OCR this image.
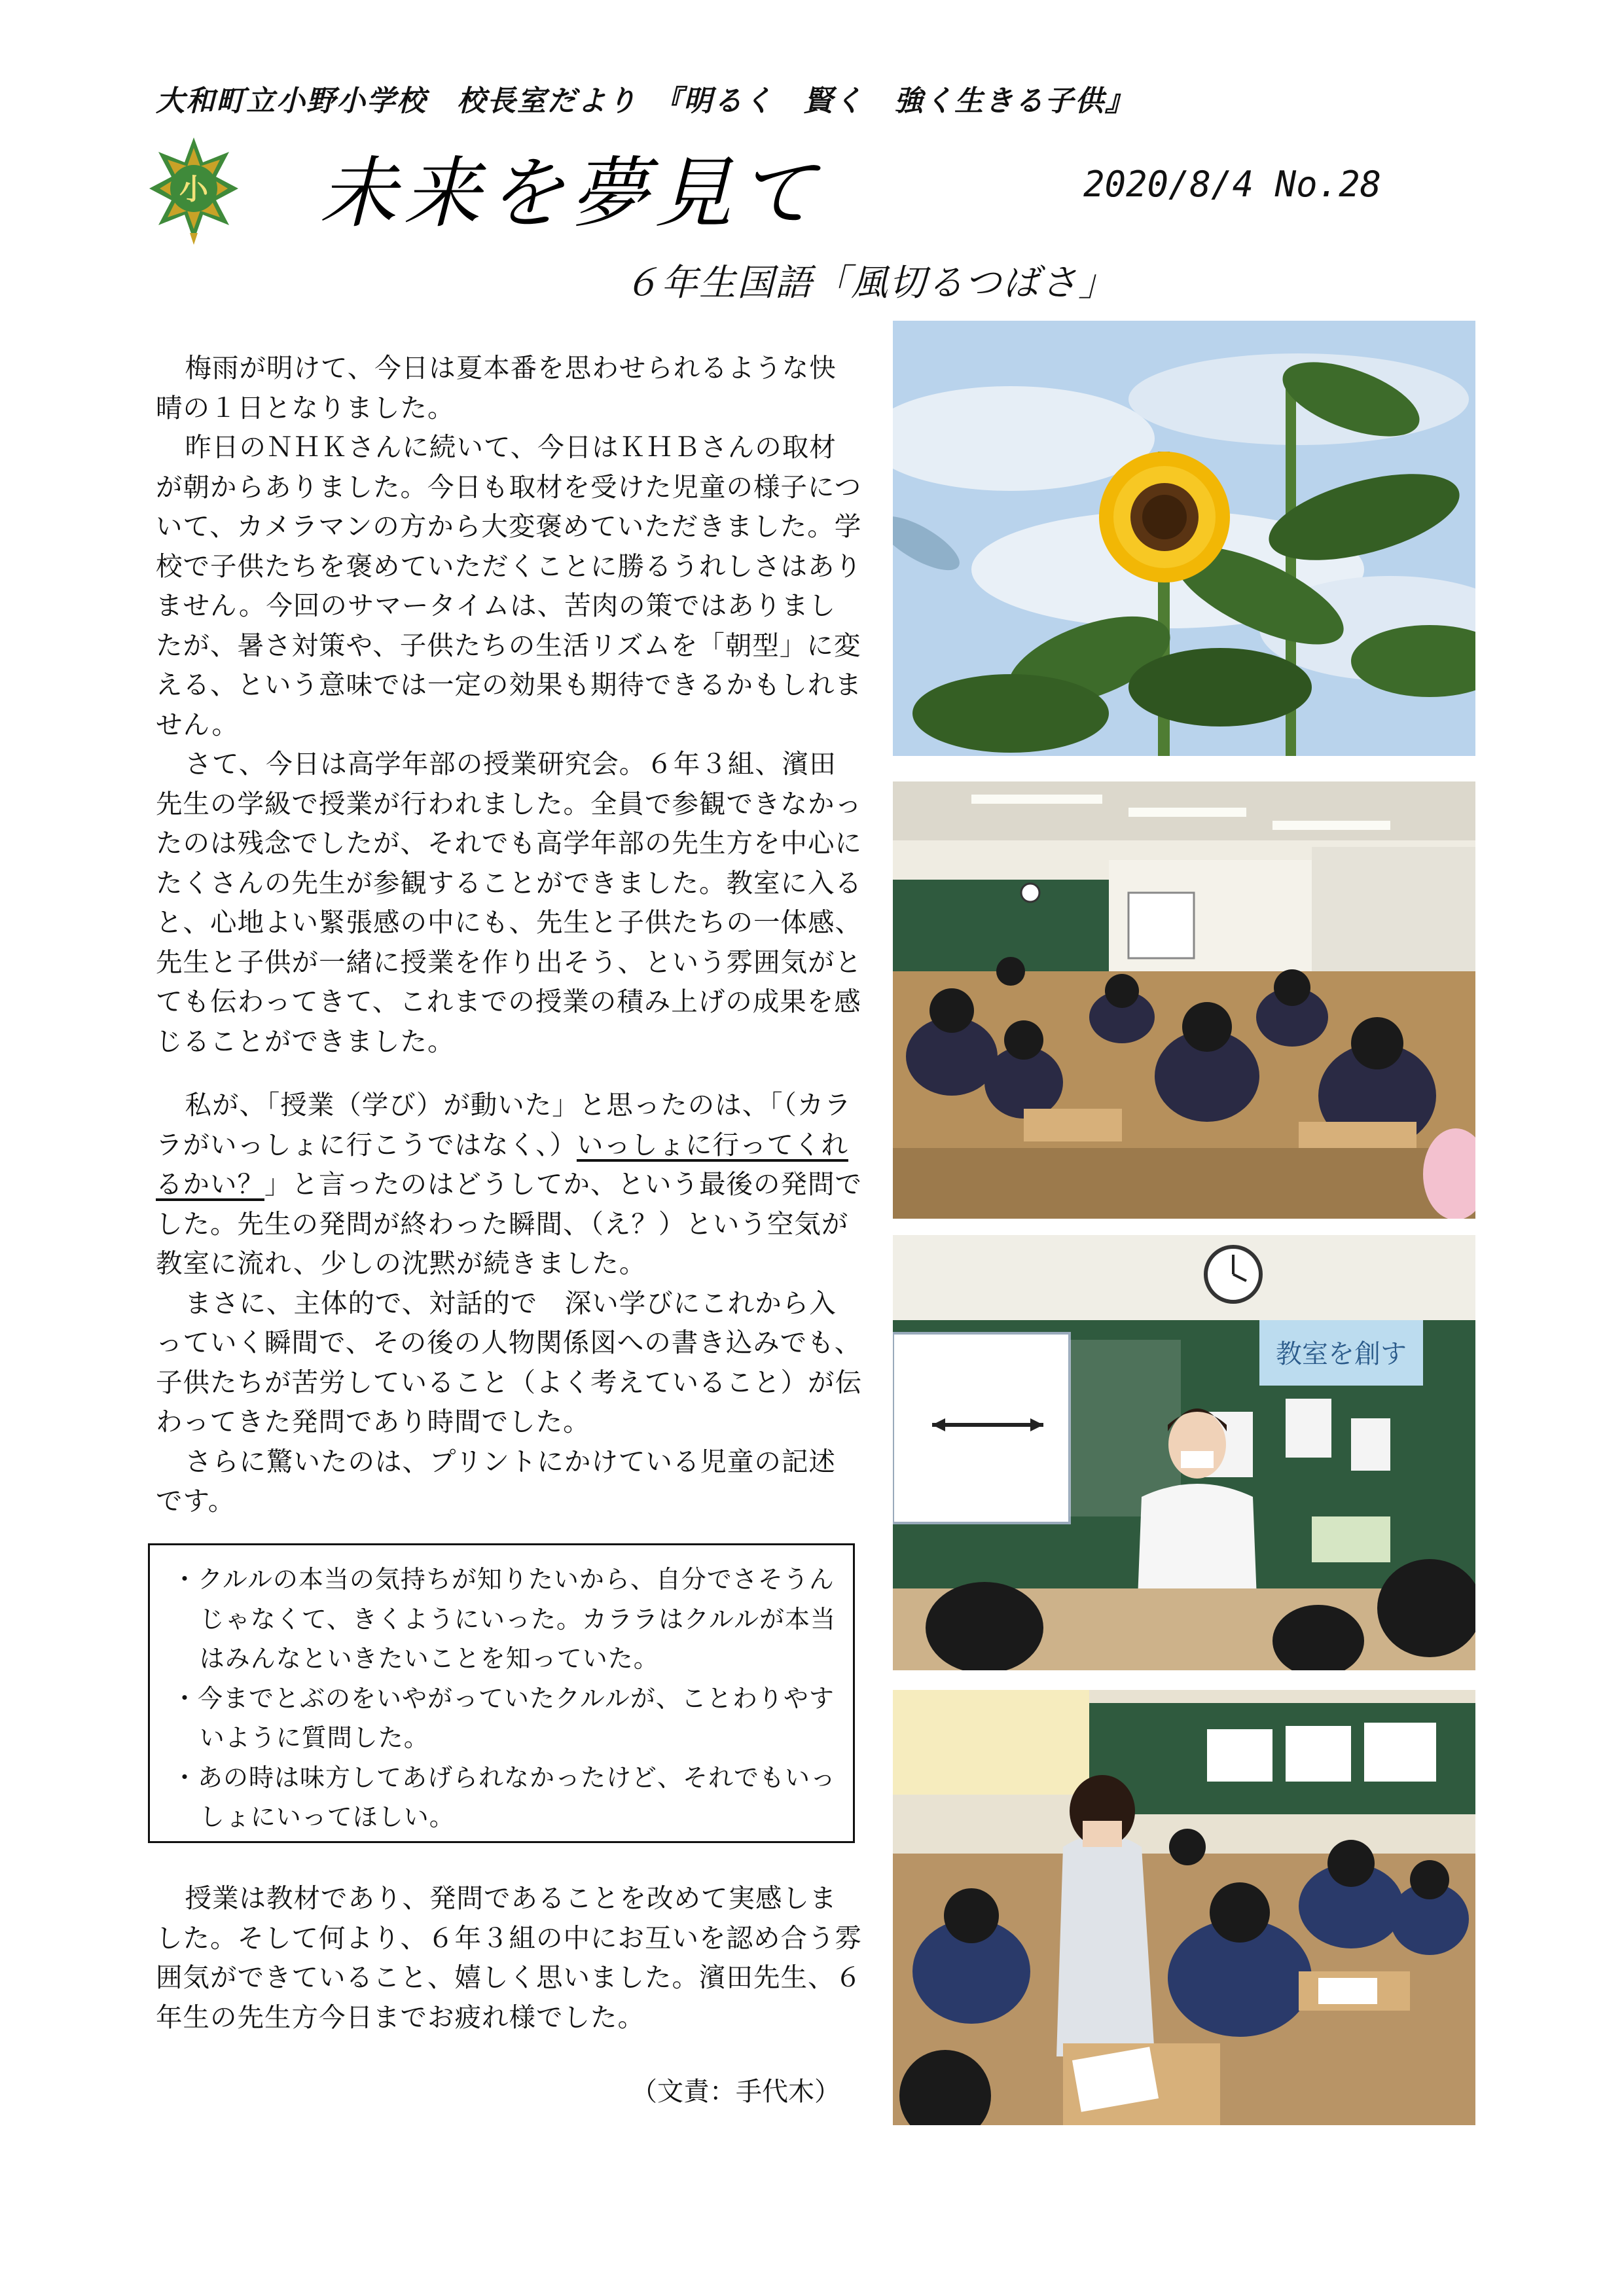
大和町立小野小学校　校長室だより　『明るく　賢く　強く生きる子供』
小 未来を夢見て	2020/8/4 No.28
６年生国語「風切るつばさ」

梅雨が明けて、今日は夏本番を思わせられるような快晴の１日となりました。

昨日のＮＨＫさんに続いて、今日はＫＨＢさんの取材が朝からありました。今日も取材を受けた児童の様子について、カメラマンの方から大変褒めていただきました。学校で子供たちを褒めていただくことに勝るうれしさはありません。今回のサマータイムは、苦肉の策ではありましたが、暑さ対策や、子供たちの生活リズムを「朝型」に変える、という意味では一定の効果も期待できるかもしれません。

さて、今日は高学年部の授業研究会。６年３組、濱田先生の学級で授業が行われました。全員で参観できなかったのは残念でしたが、それでも高学年部の先生方を中心にたくさんの先生が参観することができました。教室に入ると、心地よい緊張感の中にも、先生と子供たちの一体感、先生と子供が一緒に授業を作り出そう、という雰囲気がとても伝わってきて、これまでの授業の積み上げの成果を感じることができました。

私が、「授業（学び）が動いた」と思ったのは、「（カララがいっしょに行こうではなく、）いっしょに行ってくれるかい？」と言ったのはどうしてか、という最後の発問でした。先生の発問が終わった瞬間、（え？）という空気が教室に流れ、少しの沈黙が続きました。

まさに、主体的で、対話的で　深い学びにこれから入っていく瞬間で、その後の人物関係図への書き込みでも、子供たちが苦労していること（よく考えていること）が伝わってきた発問であり時間でした。

さらに驚いたのは、プリントにかけている児童の記述です。

・クルルの本当の気持ちが知りたいから、自分でさそうんじゃなくて、きくようにいった。カララはクルルが本当はみんなといきたいことを知っていた。
・今までとぶのをいやがっていたクルルが、ことわりやすいように質問した。
・あの時は味方してあげられなかったけど、それでもいっしょにいってほしい。

授業は教材であり、発問であることを改めて実感しました。そして何より、６年３組の中にお互いを認め合う雰囲気ができていること、嬉しく思いました。濱田先生、６年生の先生方今日までお疲れ様でした。

（文責：手代木）
教室を創す
